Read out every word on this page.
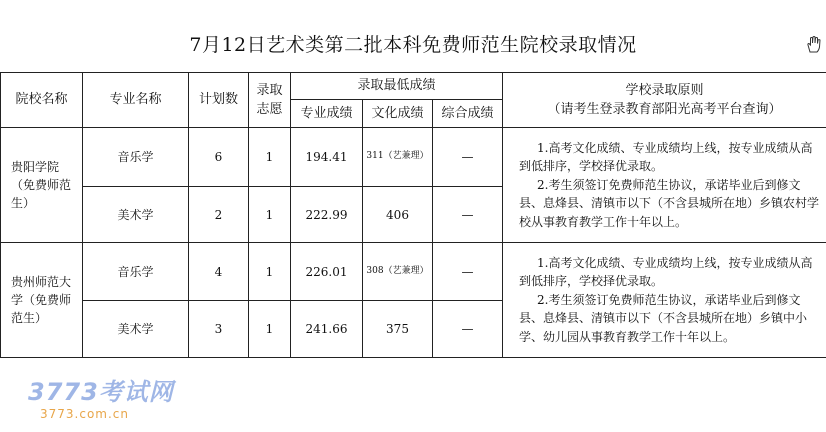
7月12日艺术类第二批本科免费师范生院校录取情况
院校名称	专业名称	计划数	录取志愿	录取最低成绩			学校录取原则
（请考生登录教育部阳光高考平台查询）

				专业成绩	文化成绩	综合成绩	
贵阳学院（免费师范生）	音乐学	6	1	194.41	311（艺兼理）	—	1.高考文化成绩、专业成绩均上线，按专业成绩从高到低排序，学校择优录取。

2.考生须签订免费师范生协议，承诺毕业后到修文县、息烽县、清镇市以下（不含县城所在地）乡镇农村学校从事教育教学工作十年以上。

	美术学	2	1	222.99	406	—	
贵州师范大学（免费师范生）	音乐学	4	1	226.01	308（艺兼理）	—	1.高考文化成绩、专业成绩均上线，按专业成绩从高到低排序，学校择优录取。

2.考生须签订免费师范生协议，承诺毕业后到修文县、息烽县、清镇市以下（不含县城所在地）乡镇中小学、幼儿园从事教育教学工作十年以上。

	美术学	3	1	241.66	375	—	
3773考试网
3773.com.cn
